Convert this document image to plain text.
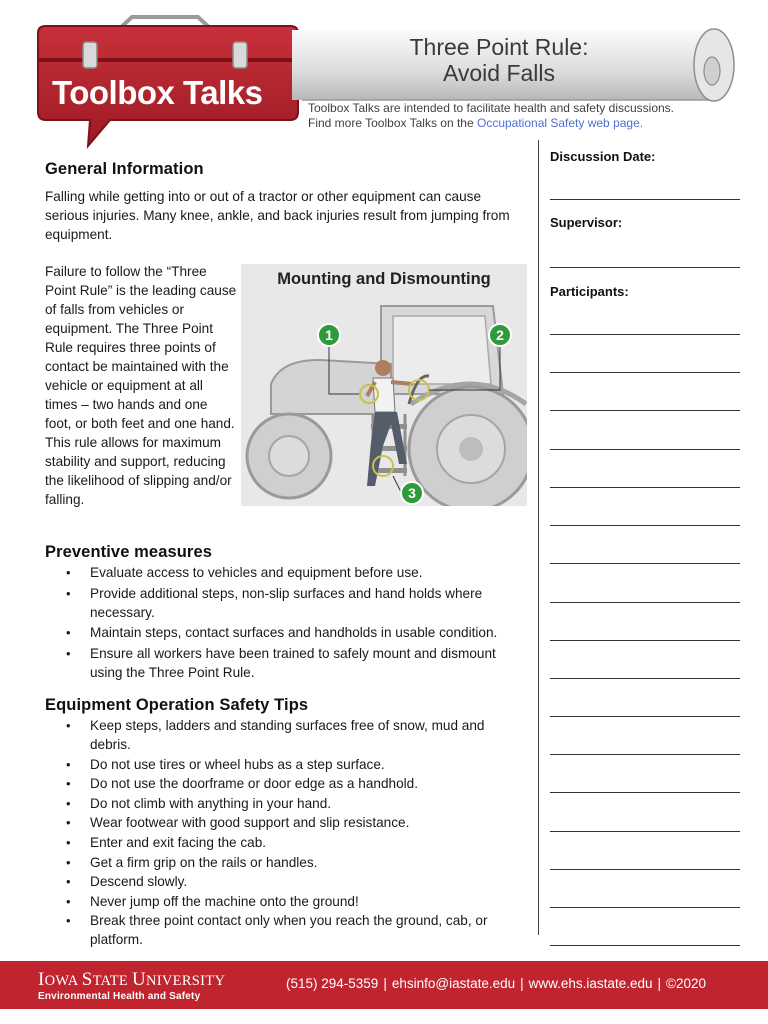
Toolbox Talks
Three Point Rule:
Avoid Falls

Toolbox Talks are intended to facilitate health and safety discussions.

Find more Toolbox Talks on the Occupational Safety web page.

General Information

Falling while getting into or out of a tractor or other equipment can cause serious injuries. Many knee, ankle, and back injuries result from jumping from equipment.

Failure to follow the “Three Point Rule” is the leading cause of falls from vehicles or equipment. The Three Point Rule requires three points of contact be maintained with the vehicle or equipment at all times – two hands and one foot, or both feet and one hand. This rule allows for maximum stability and support, reducing the likelihood of slipping and/or falling.

1	2
3
Mounting and Dismounting
Preventive measures
• Evaluate access to vehicles and equipment before use.
• Provide additional steps, non-slip surfaces and hand holds where necessary.
• Maintain steps, contact surfaces and handholds in usable condition.
• Ensure all workers have been trained to safely mount and dismount using the Three Point Rule.
Equipment Operation Safety Tips
• Keep steps, ladders and standing surfaces free of snow, mud and debris.
• Do not use tires or wheel hubs as a step surface.
• Do not use the doorframe or door edge as a handhold.
• Do not climb with anything in your hand.
• Wear footwear with good support and slip resistance.
• Enter and exit facing the cab.
• Get a firm grip on the rails or handles.
• Descend slowly.
• Never jump off the machine onto the ground!
• Break three point contact only when you reach the ground, cab, or platform.
Discussion Date:
Supervisor:
Participants:
IOWA STATE UNIVERSITY
Environmental Health and Safety
(515) 294-5359 | ehsinfo@iastate.edu | www.ehs.iastate.edu | ©2020
